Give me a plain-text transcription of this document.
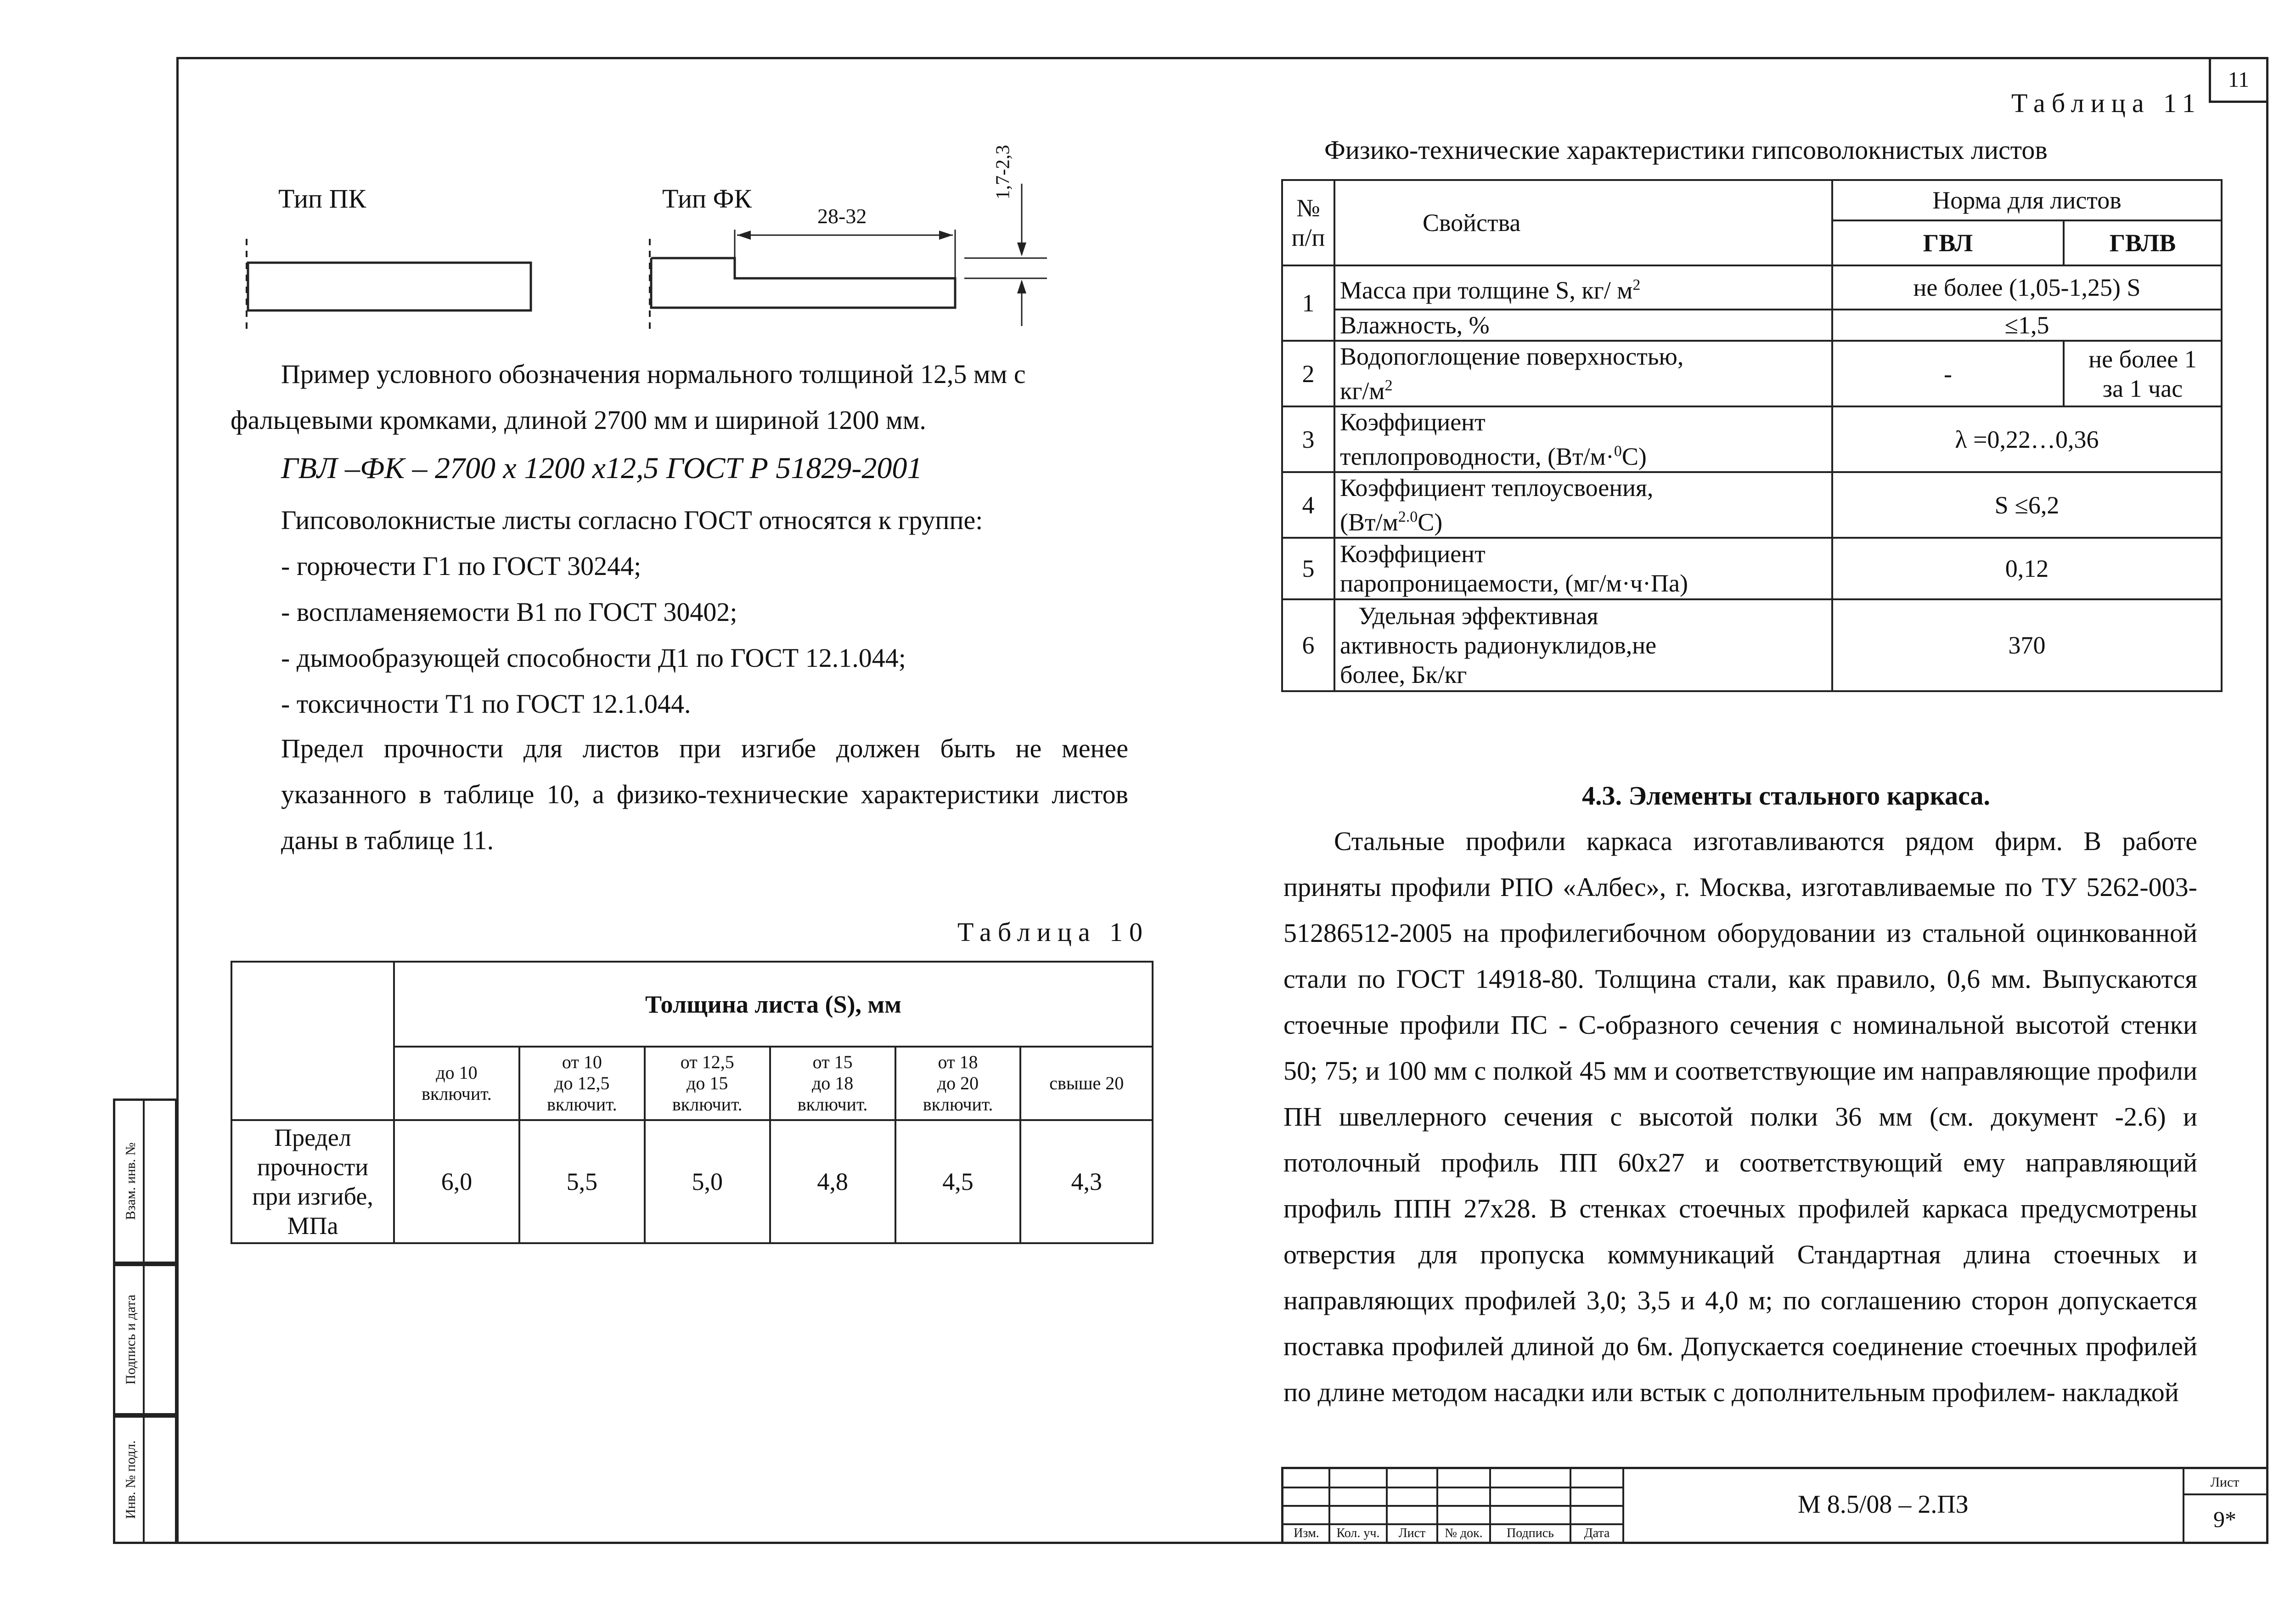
11
Тип ПК	Тип ФК
28-32
1,7-2,3
Пример условного обозначения нормального толщиной 12,5 мм с
фальцевыми кромками, длиной 2700 мм и шириной 1200 мм.
ГВЛ –ФК – 2700 х 1200 х12,5 ГОСТ Р 51829-2001
Гипсоволокнистые листы согласно ГОСТ относятся к группе:
- горючести Г1 по ГОСТ 30244;
- воспламеняемости В1 по ГОСТ 30402;
- дымообразующей способности Д1 по ГОСТ 12.1.044;
- токсичности Т1 по ГОСТ 12.1.044.
Предел прочности для листов при изгибе должен быть не менее указанного в таблице 10, а физико-технические характеристики листов даны в таблице 11.
Таблица 10
	Толщина листа (S), мм					
	до 10
включит.	от 10
до 12,5
включит.	от 12,5
до 15
включит.	от 15
до 18
включит.	от 18
до 20
включит.	свыше 20
Предел
прочности
при изгибе,
МПа	6,0	5,5	5,0	4,8	4,5	4,3
Таблица 11
Физико-технические характеристики гипсоволокнистых листов
№
п/п	Свойства	Норма для листов	
		ГВЛ	ГВЛВ
1	Масса при толщине S, кг/ $м^2$	не более (1,05-1,25) S	
	Влажность, %	≤1,5	
2	Водопоглощение поверхностью,
$кг/м^2$	-	не более 1
за 1 час
3	Коэффициент
теплопроводности, (Вт/м·$^0$С)	λ =0,22…0,36	
4	Коэффициент теплоусвоения,
$(Вт/м^{2.0}С)$	S ≤6,2	
5	Коэффициент
паропроницаемости, (мг/м·ч·Па)	0,12	
6	Удельная эффективная
активность радионуклидов,не
более, Бк/кг	370	
4.3. Элементы стального каркаса.
Стальные профили каркаса изготавливаются рядом фирм. В работе приняты профили РПО «Албес», г. Москва, изготавливаемые по ТУ 5262-003-51286512-2005 на профилегибочном оборудовании из стальной оцинкованной стали по ГОСТ 14918-80. Толщина стали, как правило, 0,6 мм. Выпускаются стоечные профили ПС - С-образного сечения с номинальной высотой стенки 50; 75; и 100 мм с полкой 45 мм и соответствующие им направляющие профили ПН швеллерного сечения с высотой полки 36 мм (см. документ -2.6) и потолочный профиль ПП 60х27 и соответствующий ему направляющий профиль ППН 27х28. В стенках стоечных профилей каркаса предусмотрены отверстия для пропуска коммуникаций Стандартная длина стоечных и направляющих профилей 3,0; 3,5 и 4,0 м; по соглашению сторон допускается поставка профилей длиной до 6м. Допускается соединение стоечных профилей по длине методом насадки или встык с дополнительным профилем- накладкой
Взам. инв. №
Подпись и дата
Инв. № подл.
Изм.	Кол. уч.	Лист	№ док.	Подпись	Дата
М 8.5/08 – 2.ПЗ
Лист
9*
